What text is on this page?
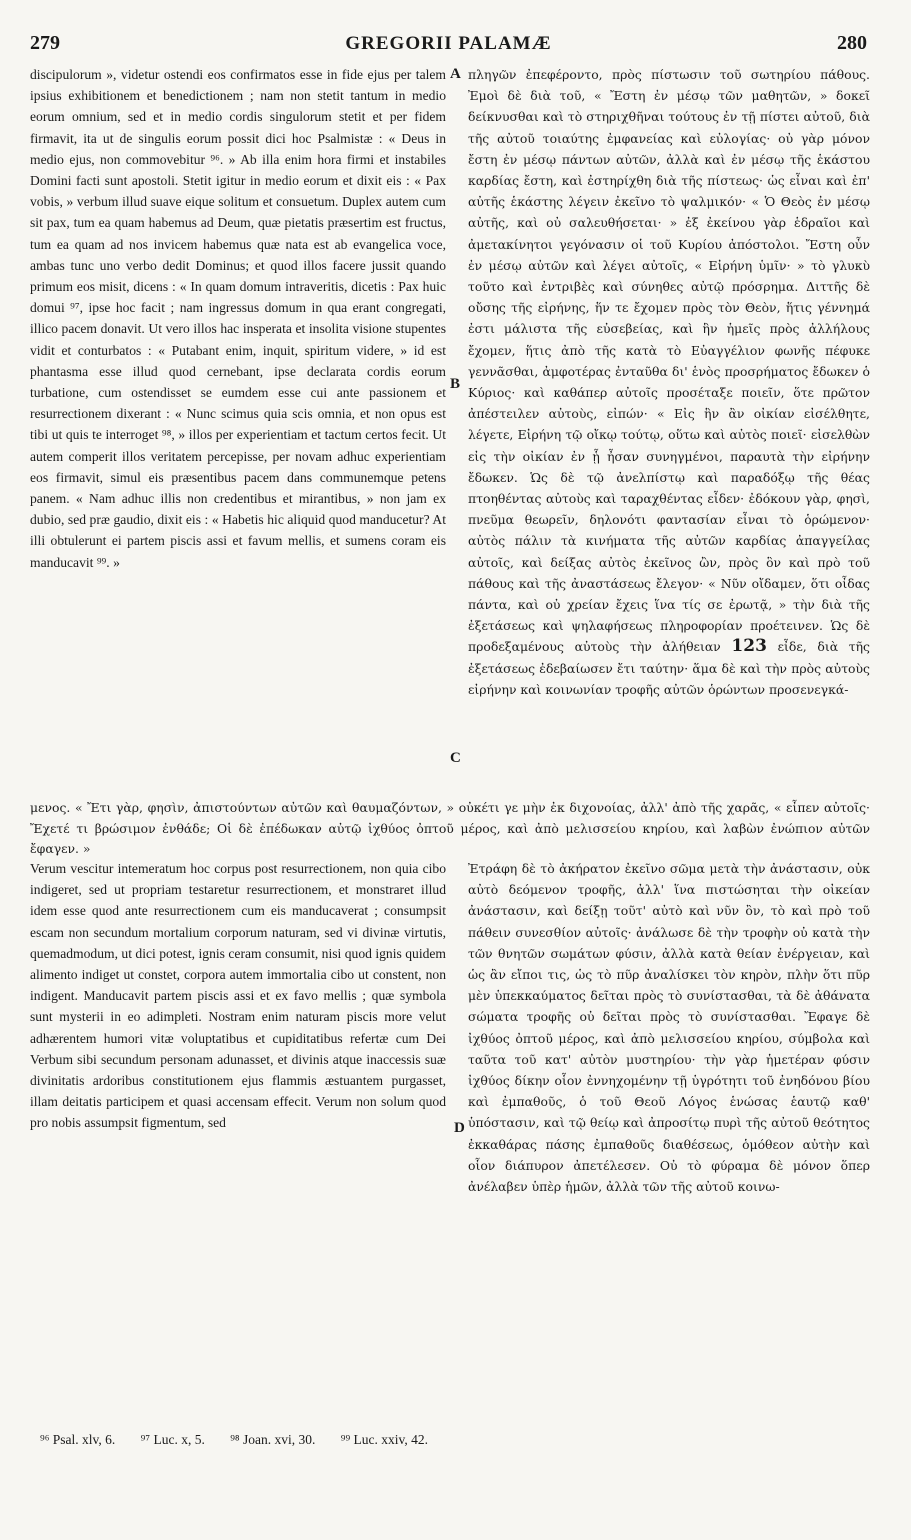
279	GREGORII PALAMÆ	280

discipulorum », videtur ostendi eos confirmatos esse in fide ejus per talem ipsius exhibitionem et benedictionem ; nam non stetit tantum in medio eorum omnium, sed et in medio cordis singulorum stetit et per fidem firmavit, ita ut de singulis eorum possit dici hoc Psalmistæ : « Deus in medio ejus, non commovebitur ⁹⁶. » Ab illa enim hora firmi et instabiles Domini facti sunt apostoli. Stetit igitur in medio eorum et dixit eis : « Pax vobis, » verbum illud suave eique solitum et consuetum. Duplex autem cum sit pax, tum ea quam habemus ad Deum, quæ pietatis præsertim est fructus, tum ea quam ad nos invicem habemus quæ nata est ab evangelica voce, ambas tunc uno verbo dedit Dominus; et quod illos facere jussit quando primum eos misit, dicens : « In quam domum intraveritis, dicetis : Pax huic domui ⁹⁷, ipse hoc facit ; nam ingressus domum in qua erant congregati, illico pacem donavit. Ut vero illos hac insperata et insolita visione stupentes vidit et conturbatos : « Putabant enim, inquit, spiritum videre, » id est phantasma esse illud quod cernebant, ipse declarata cordis eorum turbatione, cum ostendisset se eumdem esse cui ante passionem et resurrectionem dixerant : « Nunc scimus quia scis omnia, et non opus est tibi ut quis te interroget ⁹⁸, » illos per experientiam et tactum certos fecit. Ut autem comperit illos veritatem percepisse, per novam adhuc experientiam eos firmavit, simul eis præsentibus pacem dans communemque petens panem. « Nam adhuc illis non credentibus et mirantibus, » non jam ex dubio, sed præ gaudio, dixit eis : « Habetis hic aliquid quod manducetur? At illi obtulerunt ei partem piscis assi et favum mellis, et sumens coram eis manducavit ⁹⁹. »

A
B
C
D

πληγῶν ἐπεφέροντο, πρὸς πίστωσιν τοῦ σωτηρίου πάθους. Ἐμοὶ δὲ διὰ τοῦ, « Ἔστη ἐν μέσῳ τῶν μαθητῶν, » δοκεῖ δείκνυσθαι καὶ τὸ στηριχθῆναι τούτους ἐν τῇ πίστει αὐτοῦ, διὰ τῆς αὐτοῦ τοιαύτης ἐμφανείας καὶ εὐλογίας· οὐ γὰρ μόνον ἔστη ἐν μέσῳ πάντων αὐτῶν, ἀλλὰ καὶ ἐν μέσῳ τῆς ἑκάστου καρδίας ἔστη, καὶ ἐστηρίχθη διὰ τῆς πίστεως· ὡς εἶναι καὶ ἐπ' αὐτῆς ἑκάστης λέγειν ἐκεῖνο τὸ ψαλμικόν· « Ὁ Θεὸς ἐν μέσῳ αὐτῆς, καὶ οὐ σαλευθήσεται· » ἐξ ἐκείνου γὰρ ἑδραῖοι καὶ ἀμετακίνητοι γεγόνασιν οἱ τοῦ Κυρίου ἀπόστολοι. Ἔστη οὖν ἐν μέσῳ αὐτῶν καὶ λέγει αὐτοῖς, « Εἰρήνη ὑμῖν· » τὸ γλυκὺ τοῦτο καὶ ἐντριβὲς καὶ σύνηθες αὐτῷ πρόσρημα. Διττῆς δὲ οὔσης τῆς εἰρήνης, ἥν τε ἔχομεν πρὸς τὸν Θεὸν, ἥτις γέννημά ἐστι μάλιστα τῆς εὐσεβείας, καὶ ἣν ἡμεῖς πρὸς ἀλλήλους ἔχομεν, ἥτις ἀπὸ τῆς κατὰ τὸ Εὐαγγέλιον φωνῆς πέφυκε γεννᾶσθαι, ἀμφοτέρας ἐνταῦθα δι' ἑνὸς προσρήματος ἔδωκεν ὁ Κύριος· καὶ καθάπερ αὐτοῖς προσέταξε ποιεῖν, ὅτε πρῶτον ἀπέστειλεν αὐτοὺς, εἰπών· « Εἰς ἣν ἂν οἰκίαν εἰσέλθητε, λέγετε, Εἰρήνη τῷ οἴκῳ τούτῳ, οὕτω καὶ αὐτὸς ποιεῖ· εἰσελθὼν εἰς τὴν οἰκίαν ἐν ᾗ ἦσαν συνηγμένοι, παραυτὰ τὴν εἰρήνην ἔδωκεν. Ὡς δὲ τῷ ἀνελπίστῳ καὶ παραδόξῳ τῆς θέας πτοηθέντας αὐτοὺς καὶ ταραχθέντας εἶδεν· ἐδόκουν γὰρ, φησὶ, πνεῦμα θεωρεῖν, δηλονότι φαντασίαν εἶναι τὸ ὁρώμενον· αὐτὸς πάλιν τὰ κινήματα τῆς αὐτῶν καρδίας ἀπαγγείλας αὐτοῖς, καὶ δείξας αὐτὸς ἐκεῖνος ὢν, πρὸς ὃν καὶ πρὸ τοῦ πάθους καὶ τῆς ἀναστάσεως ἔλεγον· « Νῦν οἴδαμεν, ὅτι οἶδας πάντα, καὶ οὐ χρείαν ἔχεις ἵνα τίς σε ἐρωτᾷ, » τὴν διὰ τῆς ἐξετάσεως καὶ ψηλαφήσεως πληροφορίαν προέτεινεν. Ὡς δὲ προδεξαμένους αὐτοὺς τὴν ἀλήθειαν 123 εἶδε, διὰ τῆς ἐξετάσεως ἐδεβαίωσεν ἔτι ταύτην· ἅμα δὲ καὶ τὴν πρὸς αὐτοὺς εἰρήνην καὶ κοινωνίαν τροφῆς αὐτῶν ὁρώντων προσενεγκά-

μενος. « Ἔτι γὰρ, φησὶν, ἀπιστούντων αὐτῶν καὶ θαυμαζόντων, » οὐκέτι γε μὴν ἐκ διχονοίας, ἀλλ' ἀπὸ τῆς χαρᾶς, « εἶπεν αὐτοῖς· Ἔχετέ τι βρώσιμον ἐνθάδε; Οἱ δὲ ἐπέδωκαν αὐτῷ ἰχθύος ὀπτοῦ μέρος, καὶ ἀπὸ μελισσείου κηρίου, καὶ λαβὼν ἐνώπιον αὐτῶν ἔφαγεν. »

Verum vescitur intemeratum hoc corpus post resurrectionem, non quia cibo indigeret, sed ut propriam testaretur resurrectionem, et monstraret illud idem esse quod ante resurrectionem cum eis manducaverat ; consumpsit escam non secundum mortalium corporum naturam, sed vi divinæ virtutis, quemadmodum, ut dici potest, ignis ceram consumit, nisi quod ignis quidem alimento indiget ut constet, corpora autem immortalia cibo ut constent, non indigent. Manducavit partem piscis assi et ex favo mellis ; quæ symbola sunt mysterii in eo adimpleti. Nostram enim naturam piscis more velut adhærentem humori vitæ voluptatibus et cupiditatibus refertæ cum Dei Verbum sibi secundum personam adunasset, et divinis atque inaccessis suæ divinitatis ardoribus constitutionem ejus flammis æstuantem purgasset, illam deitatis participem et quasi accensam effecit. Verum non solum quod pro nobis assumpsit figmentum, sed

Ἐτράφη δὲ τὸ ἀκήρατον ἐκεῖνο σῶμα μετὰ τὴν ἀνάστασιν, οὐκ αὐτὸ δεόμενον τροφῆς, ἀλλ' ἵνα πιστώσηται τὴν οἰκείαν ἀνάστασιν, καὶ δείξῃ τοῦτ' αὐτὸ καὶ νῦν ὂν, τὸ καὶ πρὸ τοῦ πάθειν συνεσθίον αὐτοῖς· ἀνάλωσε δὲ τὴν τροφὴν οὐ κατὰ τὴν τῶν θνητῶν σωμάτων φύσιν, ἀλλὰ κατὰ θείαν ἐνέργειαν, καὶ ὡς ἂν εἴποι τις, ὡς τὸ πῦρ ἀναλίσκει τὸν κηρὸν, πλὴν ὅτι πῦρ μὲν ὑπεκκαύματος δεῖται πρὸς τὸ συνίστασθαι, τὰ δὲ ἀθάνατα σώματα τροφῆς οὐ δεῖται πρὸς τὸ συνίστασθαι. Ἔφαγε δὲ ἰχθύος ὀπτοῦ μέρος, καὶ ἀπὸ μελισσείου κηρίου, σύμβολα καὶ ταῦτα τοῦ κατ' αὐτὸν μυστηρίου· τὴν γὰρ ἡμετέραν φύσιν ἰχθύος δίκην οἷον ἐννηχομένην τῇ ὑγρότητι τοῦ ἐνηδόνου βίου καὶ ἐμπαθοῦς, ὁ τοῦ Θεοῦ Λόγος ἑνώσας ἑαυτῷ καθ' ὑπόστασιν, καὶ τῷ θείῳ καὶ ἀπροσίτῳ πυρὶ τῆς αὐτοῦ θεότητος ἐκκαθάρας πάσης ἐμπαθοῦς διαθέσεως, ὁμόθεον αὐτὴν καὶ οἷον διάπυρον ἀπετέλεσεν. Οὐ τὸ φύραμα δὲ μόνον ὅπερ ἀνέλαβεν ὑπὲρ ἡμῶν, ἀλλὰ τῶν τῆς αὐτοῦ κοινω-

⁹⁶ Psal. xlv, 6. ⁹⁷ Luc. x, 5. ⁹⁸ Joan. xvi, 30. ⁹⁹ Luc. xxiv, 42.
